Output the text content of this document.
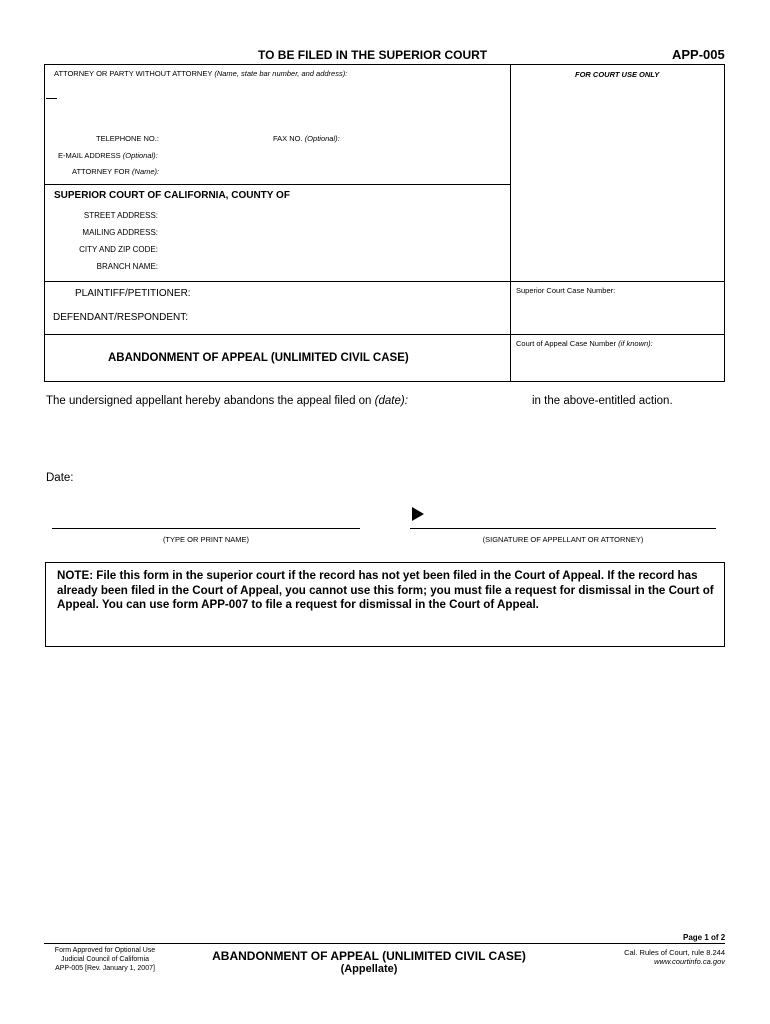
TO BE FILED IN THE SUPERIOR COURT	APP-005
ATTORNEY OR PARTY WITHOUT ATTORNEY (Name, state bar number, and address):
TELEPHONE NO.:	FAX NO. (Optional):
E-MAIL ADDRESS (Optional):
ATTORNEY FOR (Name):
FOR COURT USE ONLY
SUPERIOR COURT OF CALIFORNIA, COUNTY OF
STREET ADDRESS:
MAILING ADDRESS:
CITY AND ZIP CODE:
BRANCH NAME:
PLAINTIFF/PETITIONER:
DEFENDANT/RESPONDENT:
Superior Court Case Number:
Court of Appeal Case Number (if known):
ABANDONMENT OF APPEAL (UNLIMITED CIVIL CASE)
The undersigned appellant hereby abandons the appeal filed on (date):	in the above-entitled action.
Date:
(TYPE OR PRINT NAME)	(SIGNATURE OF APPELLANT OR ATTORNEY)
NOTE: File this form in the superior court if the record has not yet been filed in the Court of Appeal. If the record has already been filed in the Court of Appeal, you cannot use this form; you must file a request for dismissal in the Court of Appeal. You can use form APP-007 to file a request for dismissal in the Court of Appeal.
Page 1 of 2
Form Approved for Optional Use
Judicial Council of California
APP-005 [Rev. January 1, 2007]
ABANDONMENT OF APPEAL (UNLIMITED CIVIL CASE)
(Appellate)
Cal. Rules of Court, rule 8.244
www.courtinfo.ca.gov
